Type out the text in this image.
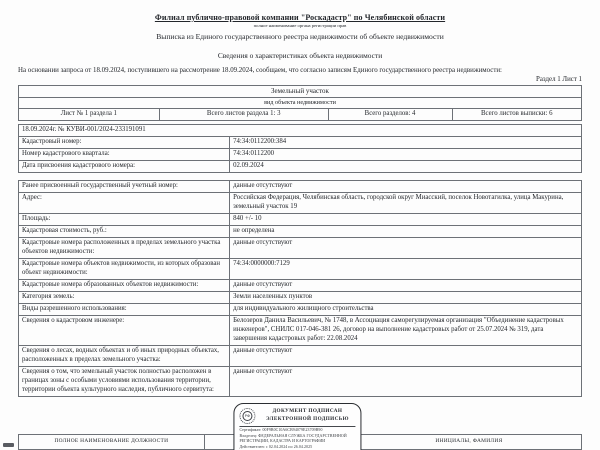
Филиал публично-правовой компании "Роскадастр" по Челябинской области
полное наименование органа регистрации прав
Выписка из Единого государственного реестра недвижимости об объекте недвижимости
Сведения о характеристиках объекта недвижимости
На основании запроса от 18.09.2024, поступившего на рассмотрение 18.09.2024, сообщаем, что согласно записям Единого государственного реестра недвижимости:
Раздел 1 Лист 1
Земельный участок
вид объекта недвижимости
Лист № 1 раздела 1	Всего листов раздела 1: 3	Всего разделов: 4	Всего листов выписки: 6
18.09.2024г. № КУВИ-001/2024-233191091	
Кадастровый номер:	74:34:0112200:384
Номер кадастрового квартала:	74:34:0112200
Дата присвоения кадастрового номера:	02.09.2024
Ранее присвоенный государственный учетный номер:	данные отсутствуют
Адрес:	Российская Федерация, Челябинская область, городской округ Миасский, поселок Новотагилка, улица Макурина, земельный участок 19
Площадь:	840 +/- 10
Кадастровая стоимость, руб.:	не определена
Кадастровые номера расположенных в пределах земельного участка объектов недвижимости:	данные отсутствуют
Кадастровые номера объектов недвижимости, из которых образован объект недвижимости:	74:34:0000000:7129
Кадастровые номера образованных объектов недвижимости:	данные отсутствуют
Категория земель:	Земли населенных пунктов
Виды разрешенного использования:	для индивидуального жилищного строительства
Сведения о кадастровом инженере:	Белозеров Данила Васильевич, № 1748, в Ассоциация саморегулируемая организация "Объединение кадастровых инженеров", СНИЛС 017-046-381 26, договор на выполнение кадастровых работ от 25.07.2024 № 319, дата завершения кадастровых работ: 22.08.2024
Сведения о лесах, водных объектах и об иных природных объектах, расположенных в пределах земельного участка:	данные отсутствуют
Сведения о том, что земельный участок полностью расположен в границах зоны с особыми условиями использования территории, территории объекта культурного наследия, публичного сервитута:	данные отсутствуют
ПОЛНОЕ НАИМЕНОВАНИЕ ДОЛЖНОСТИ		ИНИЦИАЛЫ, ФАМИЛИЯ
РФ
ДОКУМЕНТ ПОДПИСАН
ЭЛЕКТРОННОЙ ПОДПИСЬЮ
Сертификат: 00F9B0C10A6CB94079E23709B90
Владелец: ФЕДЕРАЛЬНАЯ СЛУЖБА ГОСУДАРСТВЕННОЙ РЕГИСТРАЦИИ, КАДАСТРА И КАРТОГРАФИИ
Действителен: с 02.04.2024 по 26.04.2025
